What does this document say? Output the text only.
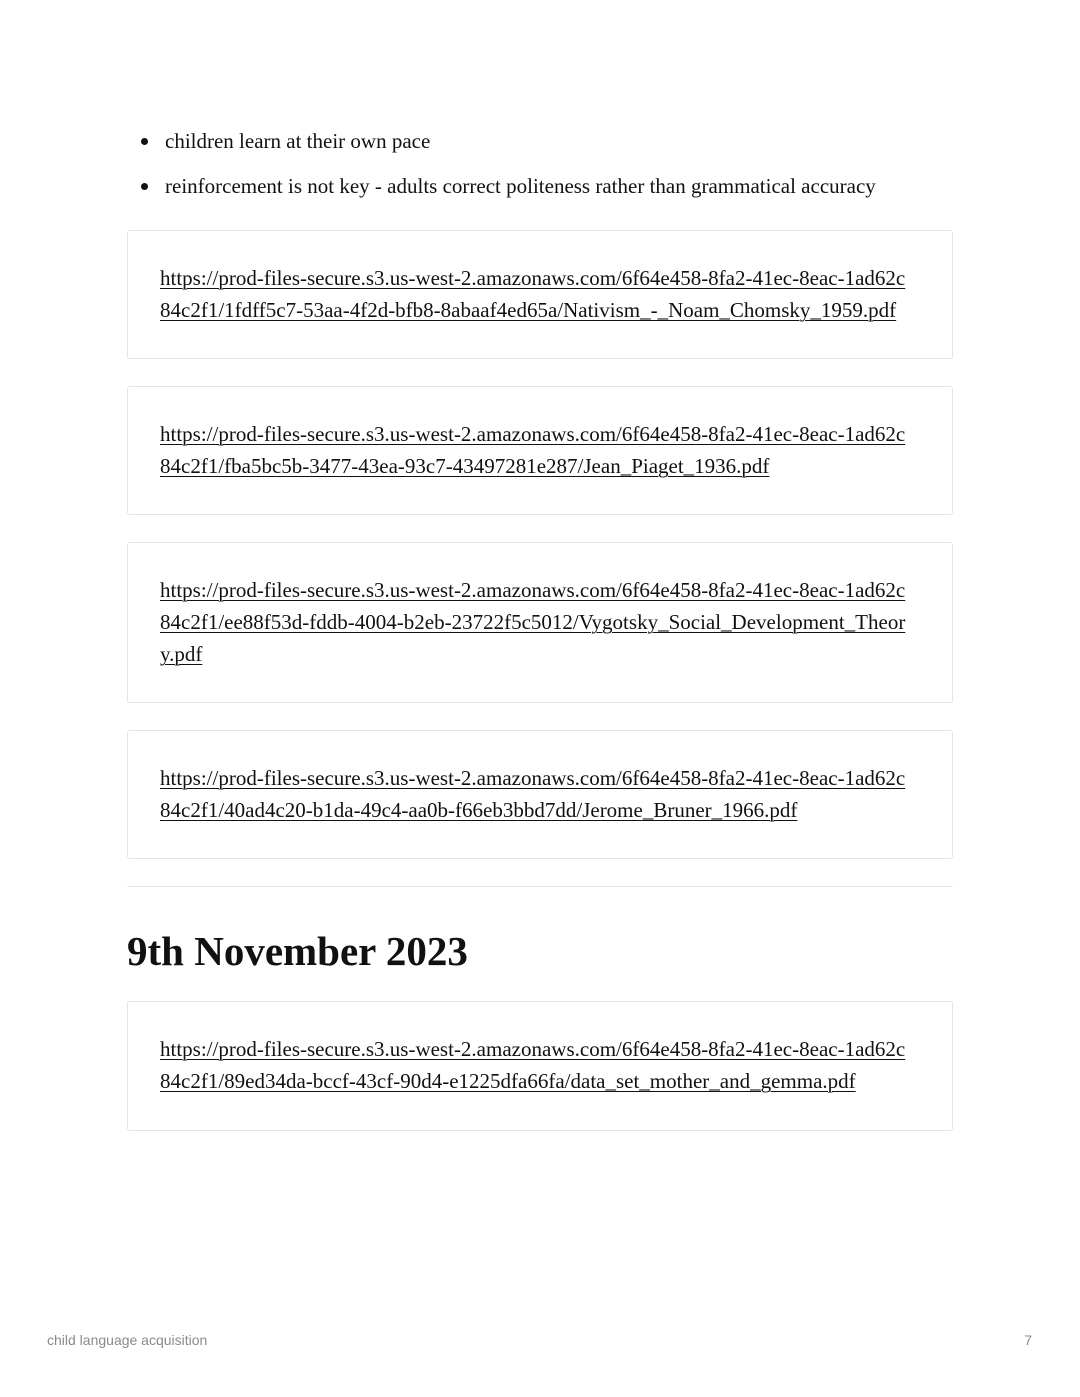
children learn at their own pace
reinforcement is not key - adults correct politeness rather than grammatical accuracy
https://prod-files-secure.s3.us-west-2.amazonaws.com/6f64e458-8fa2-41ec-8eac-1ad62c84c2f1/1fdff5c7-53aa-4f2d-bfb8-8abaaf4ed65a/Nativism_-_Noam_Chomsky_1959.pdf
https://prod-files-secure.s3.us-west-2.amazonaws.com/6f64e458-8fa2-41ec-8eac-1ad62c84c2f1/fba5bc5b-3477-43ea-93c7-43497281e287/Jean_Piaget_1936.pdf
https://prod-files-secure.s3.us-west-2.amazonaws.com/6f64e458-8fa2-41ec-8eac-1ad62c84c2f1/ee88f53d-fddb-4004-b2eb-23722f5c5012/Vygotsky_Social_Development_Theory.pdf
https://prod-files-secure.s3.us-west-2.amazonaws.com/6f64e458-8fa2-41ec-8eac-1ad62c84c2f1/40ad4c20-b1da-49c4-aa0b-f66eb3bbd7dd/Jerome_Bruner_1966.pdf
9th November 2023
https://prod-files-secure.s3.us-west-2.amazonaws.com/6f64e458-8fa2-41ec-8eac-1ad62c84c2f1/89ed34da-bccf-43cf-90d4-e1225dfa66fa/data_set_mother_and_gemma.pdf
child language acquisition	7
